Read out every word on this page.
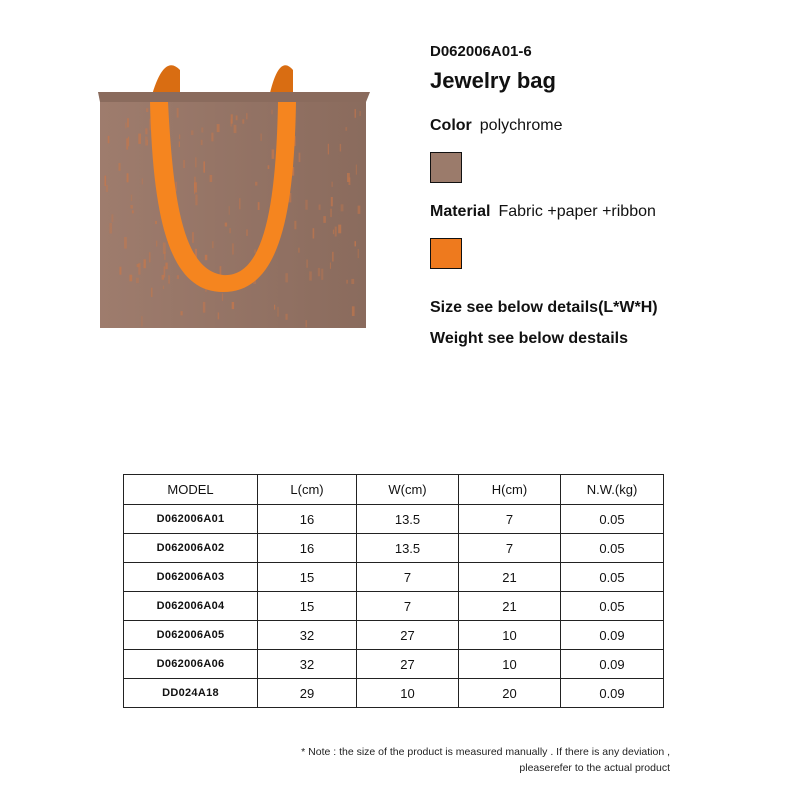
D062006A01-6
Jewelry bag
Color polychrome
Material Fabric +paper +ribbon
Size see below details(L*W*H)
Weight see below destails
MODEL	L(cm)	W(cm)	H(cm)	N.W.(kg)
D062006A01	16	13.5	7	0.05
D062006A02	16	13.5	7	0.05
D062006A03	15	7	21	0.05
D062006A04	15	7	21	0.05
D062006A05	32	27	10	0.09
D062006A06	32	27	10	0.09
DD024A18	29	10	20	0.09
* Note : the size of the product is measured manually . If there is any deviation ,
pleaserefer to the actual product
